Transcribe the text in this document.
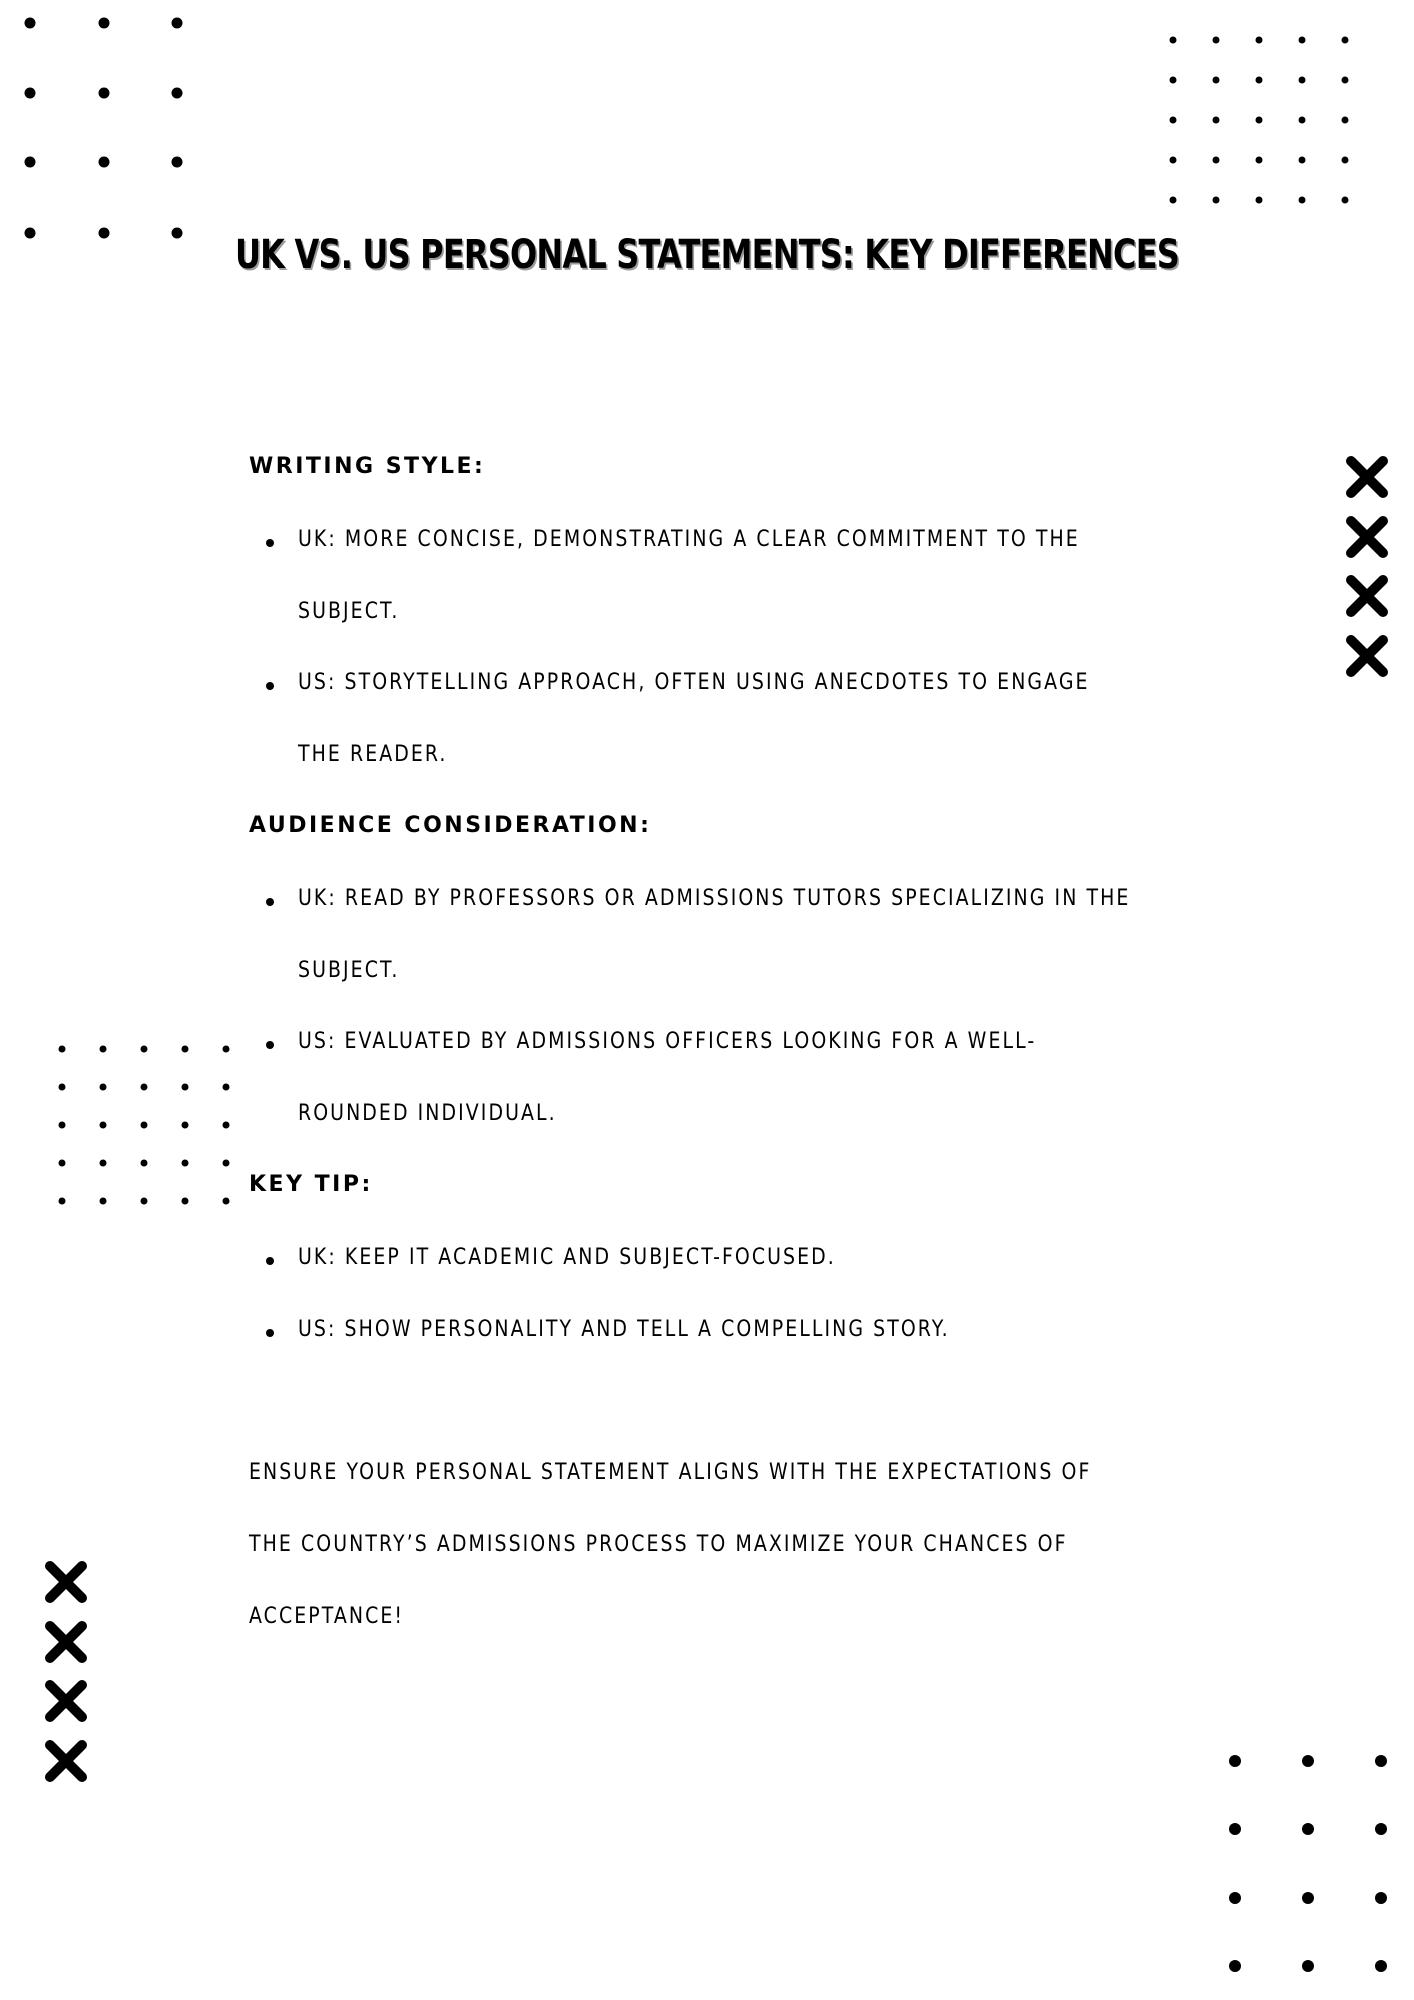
UK VS. US PERSONAL STATEMENTS: KEY DIFFERENCES
WRITING STYLE:
UK: MORE CONCISE, DEMONSTRATING A CLEAR COMMITMENT TO THE
SUBJECT.
US: STORYTELLING APPROACH, OFTEN USING ANECDOTES TO ENGAGE
THE READER.
AUDIENCE CONSIDERATION:
UK: READ BY PROFESSORS OR ADMISSIONS TUTORS SPECIALIZING IN THE
SUBJECT.
US: EVALUATED BY ADMISSIONS OFFICERS LOOKING FOR A WELL-
ROUNDED INDIVIDUAL.
KEY TIP:
UK: KEEP IT ACADEMIC AND SUBJECT-FOCUSED.
US: SHOW PERSONALITY AND TELL A COMPELLING STORY.
ENSURE YOUR PERSONAL STATEMENT ALIGNS WITH THE EXPECTATIONS OF
THE COUNTRY’S ADMISSIONS PROCESS TO MAXIMIZE YOUR CHANCES OF
ACCEPTANCE!
